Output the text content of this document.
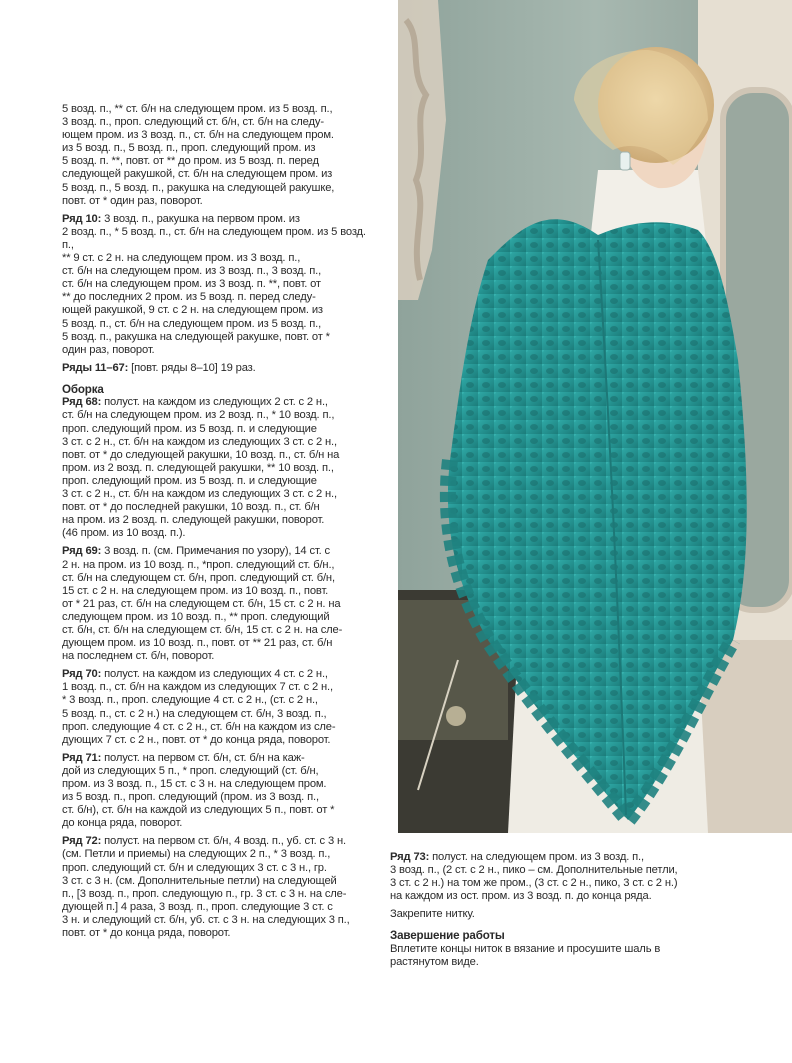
5 возд. п., ** ст. б/н на следующем пром. из 5 возд. п.,
3 возд. п., проп. следующий ст. б/н, ст. б/н на следу-
ющем пром. из 3 возд. п., ст. б/н на следующем пром.
из 5 возд. п., 5 возд. п., проп. следующий пром. из
5 возд. п. **, повт. от ** до пром. из 5 возд. п. перед
следующей ракушкой, ст. б/н на следующем пром. из
5 возд. п., 5 возд. п., ракушка на следующей ракушке,
повт. от * один раз, поворот.

Ряд 10: 3 возд. п., ракушка на первом пром. из
2 возд. п., * 5 возд. п., ст. б/н на следующем пром. из 5 возд. п.,
** 9 ст. с 2 н. на следующем пром. из 3 возд. п.,
ст. б/н на следующем пром. из 3 возд. п., 3 возд. п.,
ст. б/н на следующем пром. из 3 возд. п. **, повт. от
** до последних 2 пром. из 5 возд. п. перед следу-
ющей ракушкой, 9 ст. с 2 н. на следующем пром. из
5 возд. п., ст. б/н на следующем пром. из 5 возд. п.,
5 возд. п., ракушка на следующей ракушке, повт. от *
один раз, поворот.

Ряды 11–67: [повт. ряды 8–10] 19 раз.

Оборка

Ряд 68: полуст. на каждом из следующих 2 ст. с 2 н.,
ст. б/н на следующем пром. из 2 возд. п., * 10 возд. п.,
проп. следующий пром. из 5 возд. п. и следующие
3 ст. с 2 н., ст. б/н на каждом из следующих 3 ст. с 2 н.,
повт. от * до следующей ракушки, 10 возд. п., ст. б/н на
пром. из 2 возд. п. следующей ракушки, ** 10 возд. п.,
проп. следующий пром. из 5 возд. п. и следующие
3 ст. с 2 н., ст. б/н на каждом из следующих 3 ст. с 2 н.,
повт. от * до последней ракушки, 10 возд. п., ст. б/н
на пром. из 2 возд. п. следующей ракушки, поворот.
(46 пром. из 10 возд. п.).

Ряд 69: 3 возд. п. (см. Примечания по узору), 14 ст. с
2 н. на пром. из 10 возд. п., *проп. следующий ст. б/н.,
ст. б/н на следующем ст. б/н, проп. следующий ст. б/н,
15 ст. с 2 н. на следующем пром. из 10 возд. п., повт.
от * 21 раз, ст. б/н на следующем ст. б/н, 15 ст. с 2 н. на
следующем пром. из 10 возд. п., ** проп. следующий
ст. б/н, ст. б/н на следующем ст. б/н, 15 ст. с 2 н. на сле-
дующем пром. из 10 возд. п., повт. от ** 21 раз, ст. б/н
на последнем ст. б/н, поворот.

Ряд 70: полуст. на каждом из следующих 4 ст. с 2 н.,
1 возд. п., ст. б/н на каждом из следующих 7 ст. с 2 н.,
* 3 возд. п., проп. следующие 4 ст. с 2 н., (ст. с 2 н.,
5 возд. п., ст. с 2 н.) на следующем ст. б/н, 3 возд. п.,
проп. следующие 4 ст. с 2 н., ст. б/н на каждом из сле-
дующих 7 ст. с 2 н., повт. от * до конца ряда, поворот.

Ряд 71: полуст. на первом ст. б/н, ст. б/н на каж-
дой из следующих 5 п., * проп. следующий (ст. б/н,
пром. из 3 возд. п., 15 ст. с 3 н. на следующем пром.
из 5 возд. п., проп. следующий (пром. из 3 возд. п.,
ст. б/н), ст. б/н на каждой из следующих 5 п., повт. от *
до конца ряда, поворот.

Ряд 72: полуст. на первом ст. б/н, 4 возд. п., уб. ст. с 3 н.
(см. Петли и приемы) на следующих 2 п., * 3 возд. п.,
проп. следующий ст. б/н и следующих 3 ст. с 3 н., гр.
3 ст. с 3 н. (см. Дополнительные петли) на следующей
п., [3 возд. п., проп. следующую п., гр. 3 ст. с 3 н. на сле-
дующей п.] 4 раза, 3 возд. п., проп. следующие 3 ст. с
3 н. и следующий ст. б/н, уб. ст. с 3 н. на следующих 3 п.,
повт. от * до конца ряда, поворот.

Ряд 73: полуст. на следующем пром. из 3 возд. п.,
3 возд. п., (2 ст. с 2 н., пико – см. Дополнительные петли,
3 ст. с 2 н.) на том же пром., (3 ст. с 2 н., пико, 3 ст. с 2 н.)
на каждом из ост. пром. из 3 возд. п. до конца ряда.

Закрепите нитку.

Завершение работы

Вплетите концы ниток в вязание и просушите шаль в
растянутом виде.
